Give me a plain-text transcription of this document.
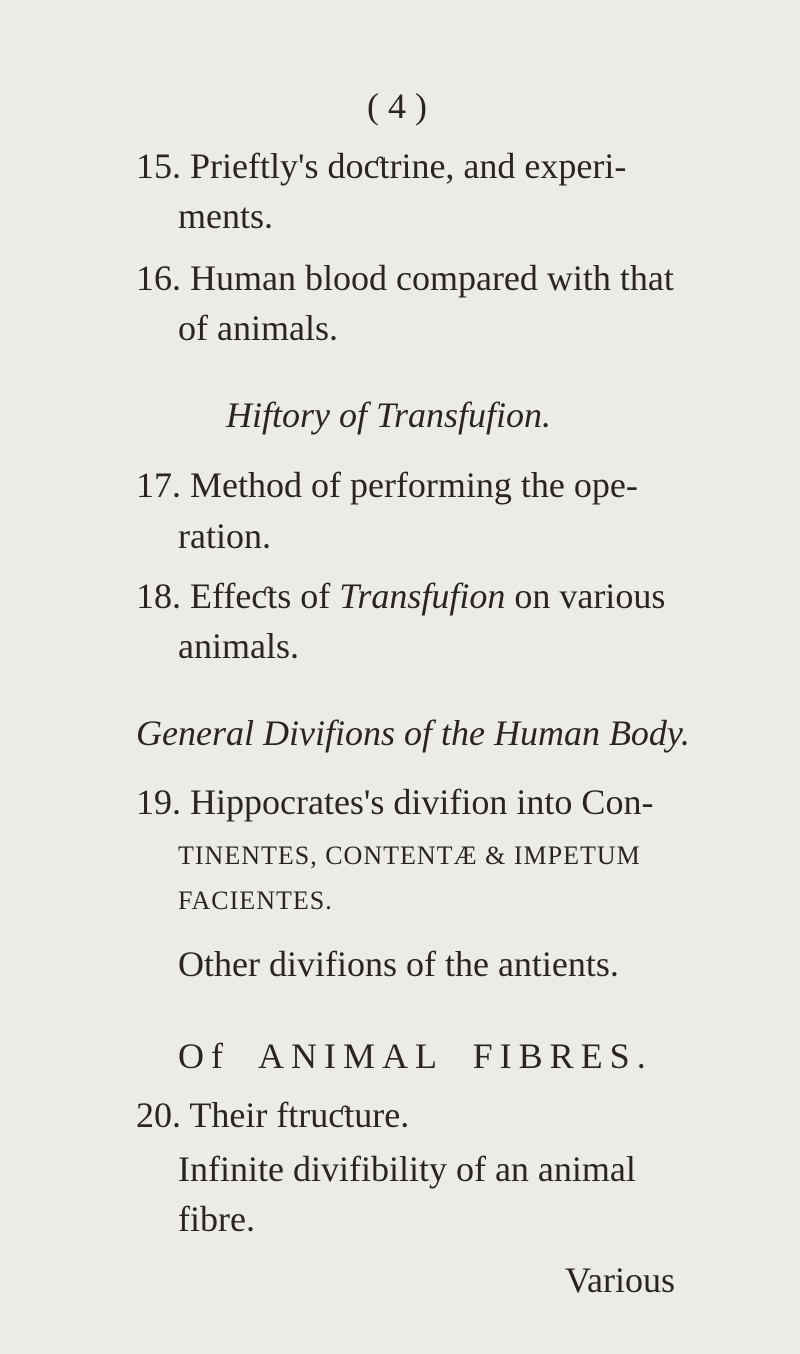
( 4 )
15. Prieftly's doƈtrine, and experi-
ments.
16. Human blood compared with that
of animals.
Hiftory of Transfufion.
17. Method of performing the ope-
ration.
18. Effeƈts of Transfufion on various
animals.
General Divifions of the Human Body.
19. Hippocrates's divifion into Con-
TINENTES, CONTENTÆ & IMPETUM
FACIENTES.
Other divifions of the antients.
Of ANIMAL FIBRES.
20. Their ftruƈture.
Infinite divifibility of an animal
fibre.
Various
